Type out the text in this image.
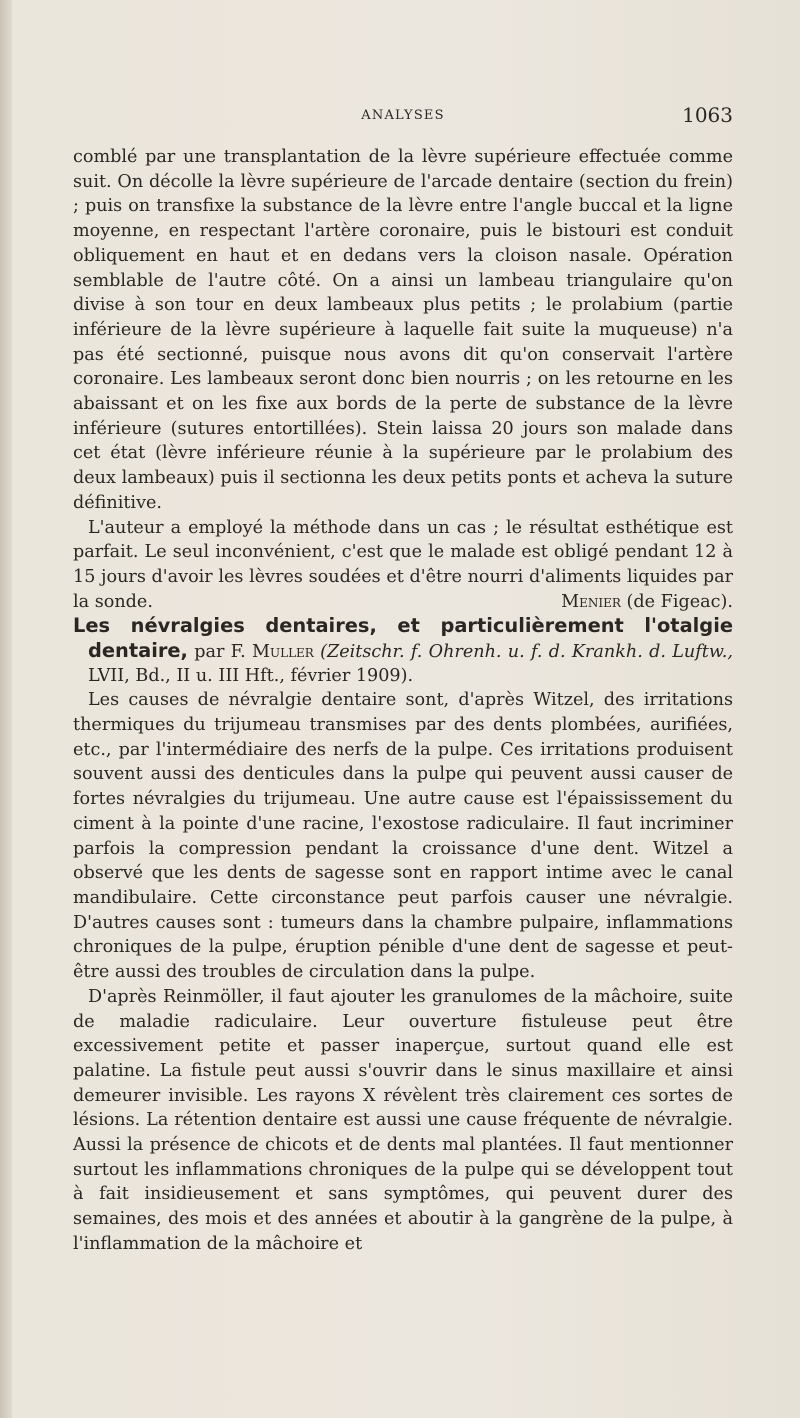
ANALYSES	1063

comblé par une transplantation de la lèvre supérieure effectuée comme suit. On décolle la lèvre supérieure de l'arcade dentaire (section du frein) ; puis on transfixe la substance de la lèvre entre l'angle buccal et la ligne moyenne, en respectant l'artère coronaire, puis le bistouri est conduit obliquement en haut et en dedans vers la cloison nasale. Opération semblable de l'autre côté. On a ainsi un lambeau triangulaire qu'on divise à son tour en deux lambeaux plus petits ; le prolabium (partie inférieure de la lèvre supérieure à laquelle fait suite la muqueuse) n'a pas été sectionné, puisque nous avons dit qu'on conservait l'artère coronaire. Les lambeaux seront donc bien nourris ; on les retourne en les abaissant et on les fixe aux bords de la perte de substance de la lèvre inférieure (sutures entortillées). Stein laissa 20 jours son malade dans cet état (lèvre inférieure réunie à la supérieure par le prolabium des deux lambeaux) puis il sectionna les deux petits ponts et acheva la suture définitive.

L'auteur a employé la méthode dans un cas ; le résultat esthétique est parfait. Le seul inconvénient, c'est que le malade est obligé pendant 12 à 15 jours d'avoir les lèvres soudées et d'être nourri d'aliments liquides par la sonde.	Menier (de Figeac).

Les névralgies dentaires, et particulièrement l'otalgie dentaire, par F. Muller (Zeitschr. f. Ohrenh. u. f. d. Krankh. d. Luftw., LVII, Bd., II u. III Hft., février 1909).

Les causes de névralgie dentaire sont, d'après Witzel, des irritations thermiques du trijumeau transmises par des dents plombées, aurifiées, etc., par l'intermédiaire des nerfs de la pulpe. Ces irritations produisent souvent aussi des denticules dans la pulpe qui peuvent aussi causer de fortes névralgies du trijumeau. Une autre cause est l'épaississement du ciment à la pointe d'une racine, l'exostose radiculaire. Il faut incriminer parfois la compression pendant la croissance d'une dent. Witzel a observé que les dents de sagesse sont en rapport intime avec le canal mandibulaire. Cette circonstance peut parfois causer une névralgie. D'autres causes sont : tumeurs dans la chambre pulpaire, inflammations chroniques de la pulpe, éruption pénible d'une dent de sagesse et peut-être aussi des troubles de circulation dans la pulpe.

D'après Reinmöller, il faut ajouter les granulomes de la mâchoire, suite de maladie radiculaire. Leur ouverture fistuleuse peut être excessivement petite et passer inaperçue, surtout quand elle est palatine. La fistule peut aussi s'ouvrir dans le sinus maxillaire et ainsi demeurer invisible. Les rayons X révèlent très clairement ces sortes de lésions. La rétention dentaire est aussi une cause fréquente de névralgie. Aussi la présence de chicots et de dents mal plantées. Il faut mentionner surtout les inflammations chroniques de la pulpe qui se développent tout à fait insidieusement et sans symptômes, qui peuvent durer des semaines, des mois et des années et aboutir à la gangrène de la pulpe, à l'inflammation de la mâchoire et
